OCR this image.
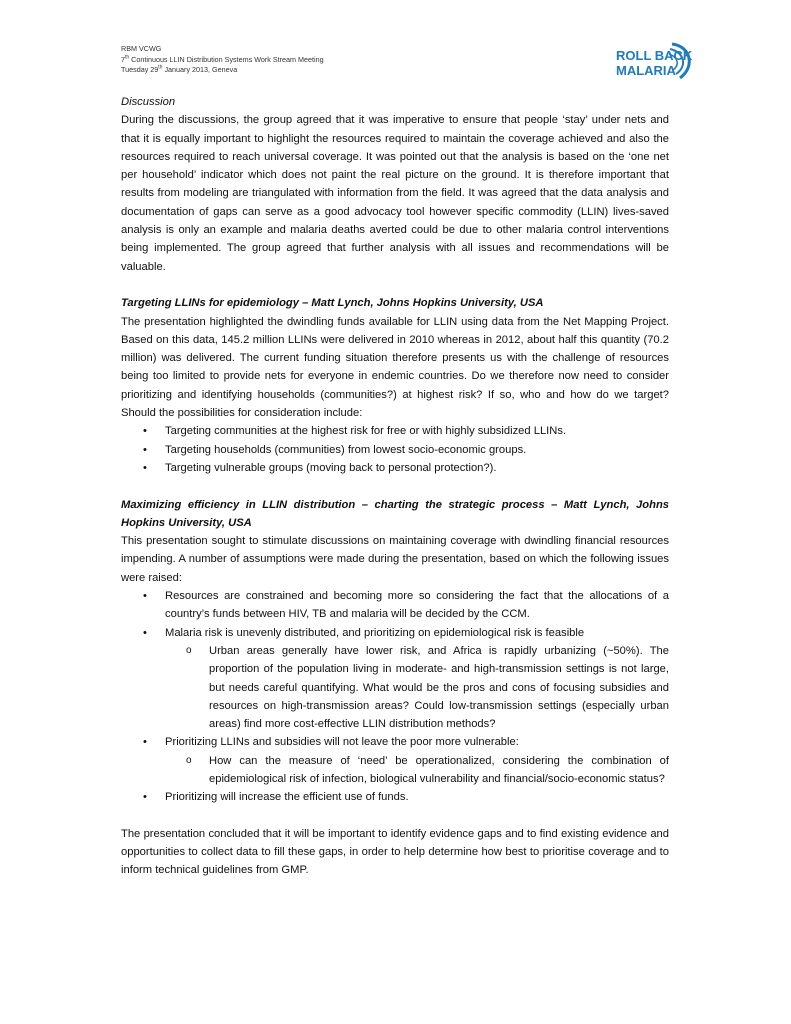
RBM VCWG
7th Continuous LLIN Distribution Systems Work Stream Meeting
Tuesday 29th January 2013, Geneva
ROLL BACK
MALARIA

Discussion

During the discussions, the group agreed that it was imperative to ensure that people ‘stay’ under nets and that it is equally important to highlight the resources required to maintain the coverage achieved and also the resources required to reach universal coverage. It was pointed out that the analysis is based on the ‘one net per household’ indicator which does not paint the real picture on the ground. It is therefore important that results from modeling are triangulated with information from the field. It was agreed that the data analysis and documentation of gaps can serve as a good advocacy tool however specific commodity (LLIN) lives-saved analysis is only an example and malaria deaths averted could be due to other malaria control interventions being implemented. The group agreed that further analysis with all issues and recommendations will be valuable.

Targeting LLINs for epidemiology – Matt Lynch, Johns Hopkins University, USA

The presentation highlighted the dwindling funds available for LLIN using data from the Net Mapping Project. Based on this data, 145.2 million LLINs were delivered in 2010 whereas in 2012, about half this quantity (70.2 million) was delivered. The current funding situation therefore presents us with the challenge of resources being too limited to provide nets for everyone in endemic countries. Do we therefore now need to consider prioritizing and identifying households (communities?) at highest risk? If so, who and how do we target? Should the possibilities for consideration include:

• Targeting communities at the highest risk for free or with highly subsidized LLINs.
• Targeting households (communities) from lowest socio-economic groups.
• Targeting vulnerable groups (moving back to personal protection?).

Maximizing efficiency in LLIN distribution – charting the strategic process – Matt Lynch, Johns Hopkins University, USA

This presentation sought to stimulate discussions on maintaining coverage with dwindling financial resources impending. A number of assumptions were made during the presentation, based on which the following issues were raised:

• Resources are constrained and becoming more so considering the fact that the allocations of a country’s funds between HIV, TB and malaria will be decided by the CCM.
• Malaria risk is unevenly distributed, and prioritizing on epidemiological risk is feasible
o Urban areas generally have lower risk, and Africa is rapidly urbanizing (~50%). The proportion of the population living in moderate- and high-transmission settings is not large, but needs careful quantifying. What would be the pros and cons of focusing subsidies and resources on high-transmission areas? Could low-transmission settings (especially urban areas) find more cost-effective LLIN distribution methods?
• Prioritizing LLINs and subsidies will not leave the poor more vulnerable:
o How can the measure of ‘need’ be operationalized, considering the combination of epidemiological risk of infection, biological vulnerability and financial/socio-economic status?
• Prioritizing will increase the efficient use of funds.

The presentation concluded that it will be important to identify evidence gaps and to find existing evidence and opportunities to collect data to fill these gaps, in order to help determine how best to prioritise coverage and to inform technical guidelines from GMP.
